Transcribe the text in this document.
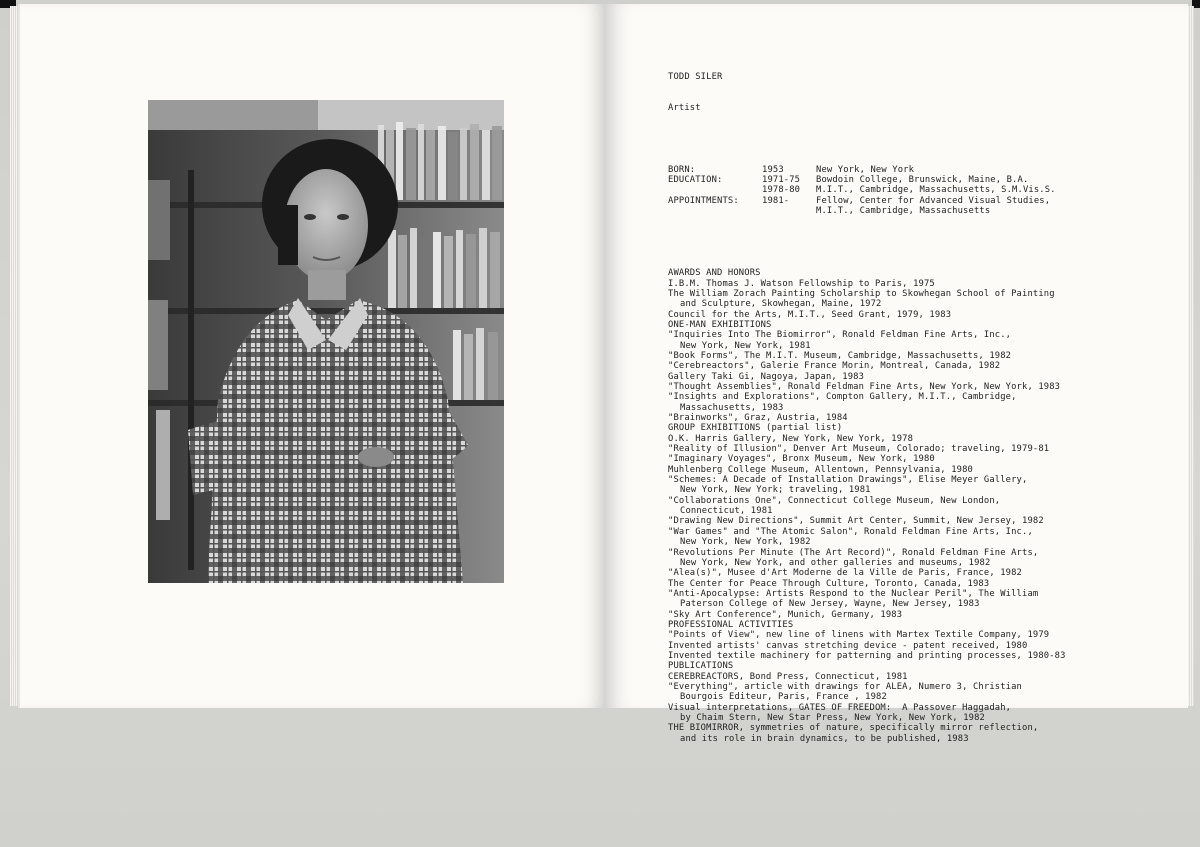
TODD SILER

Artist

BORN:	1953	New York, New York
EDUCATION:	1971-75 Bowdoin College, Brunswick, Maine, B.A.
1978-80 M.I.T., Cambridge, Massachusetts, S.M.Vis.S.
APPOINTMENTS:	1981-	Fellow, Center for Advanced Visual Studies,
M.I.T., Cambridge, Massachusetts

AWARDS AND HONORS
I.B.M. Thomas J. Watson Fellowship to Paris, 1975
The William Zorach Painting Scholarship to Skowhegan School of Painting
and Sculpture, Skowhegan, Maine, 1972
Council for the Arts, M.I.T., Seed Grant, 1979, 1983
ONE-MAN EXHIBITIONS
"Inquiries Into The Biomirror", Ronald Feldman Fine Arts, Inc.,
New York, New York, 1981
"Book Forms", The M.I.T. Museum, Cambridge, Massachusetts, 1982
"Cerebreactors", Galerie France Morin, Montreal, Canada, 1982
Gallery Taki Gi, Nagoya, Japan, 1983
"Thought Assemblies", Ronald Feldman Fine Arts, New York, New York, 1983
"Insights and Explorations", Compton Gallery, M.I.T., Cambridge,
Massachusetts, 1983
"Brainworks", Graz, Austria, 1984
GROUP EXHIBITIONS (partial list)
O.K. Harris Gallery, New York, New York, 1978
"Reality of Illusion", Denver Art Museum, Colorado; traveling, 1979-81
"Imaginary Voyages", Bronx Museum, New York, 1980
Muhlenberg College Museum, Allentown, Pennsylvania, 1980
"Schemes: A Decade of Installation Drawings", Elise Meyer Gallery,
New York, New York; traveling, 1981
"Collaborations One", Connecticut College Museum, New London,
Connecticut, 1981
"Drawing New Directions", Summit Art Center, Summit, New Jersey, 1982
"War Games" and "The Atomic Salon", Ronald Feldman Fine Arts, Inc.,
New York, New York, 1982
"Revolutions Per Minute (The Art Record)", Ronald Feldman Fine Arts,
New York, New York, and other galleries and museums, 1982
"Alea(s)", Musee d'Art Moderne de la Ville de Paris, France, 1982
The Center for Peace Through Culture, Toronto, Canada, 1983
"Anti-Apocalypse: Artists Respond to the Nuclear Peril", The William
Paterson College of New Jersey, Wayne, New Jersey, 1983
"Sky Art Conference", Munich, Germany, 1983
PROFESSIONAL ACTIVITIES
"Points of View", new line of linens with Martex Textile Company, 1979
Invented artists' canvas stretching device - patent received, 1980
Invented textile machinery for patterning and printing processes, 1980-83
PUBLICATIONS
CEREBREACTORS, Bond Press, Connecticut, 1981
"Everything", article with drawings for ALEA, Numero 3, Christian
Bourgois Editeur, Paris, France , 1982
Visual interpretations, GATES OF FREEDOM:  A Passover Haggadah,
by Chaim Stern, New Star Press, New York, New York, 1982
THE BIOMIRROR, symmetries of nature, specifically mirror reflection,
and its role in brain dynamics, to be published, 1983
